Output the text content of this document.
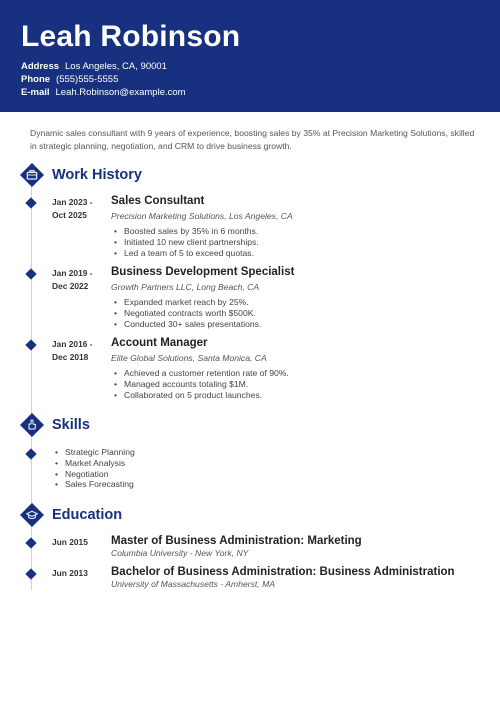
Leah Robinson
Address Los Angeles, CA, 90001
Phone (555)555-5555
E-mail Leah.Robinson@example.com
Dynamic sales consultant with 9 years of experience, boosting sales by 35% at Precision Marketing Solutions, skilled in strategic planning, negotiation, and CRM to drive business growth.
Work History
Jan 2023 -
Oct 2025
Sales Consultant
Precision Marketing Solutions, Los Angeles, CA
• Boosted sales by 35% in 6 months.
• Initiated 10 new client partnerships.
• Led a team of 5 to exceed quotas.
Jan 2019 -
Dec 2022
Business Development Specialist
Growth Partners LLC, Long Beach, CA
• Expanded market reach by 25%.
• Negotiated contracts worth $500K.
• Conducted 30+ sales presentations.
Jan 2016 -
Dec 2018
Account Manager
Elite Global Solutions, Santa Monica, CA
• Achieved a customer retention rate of 90%.
• Managed accounts totaling $1M.
• Collaborated on 5 product launches.
Skills
• Strategic Planning
• Market Analysis
• Negotiation
• Sales Forecasting
Education
Jun 2015	Master of Business Administration: Marketing
Columbia University - New York, NY
Jun 2013	Bachelor of Business Administration: Business Administration
University of Massachusetts - Amherst, MA
